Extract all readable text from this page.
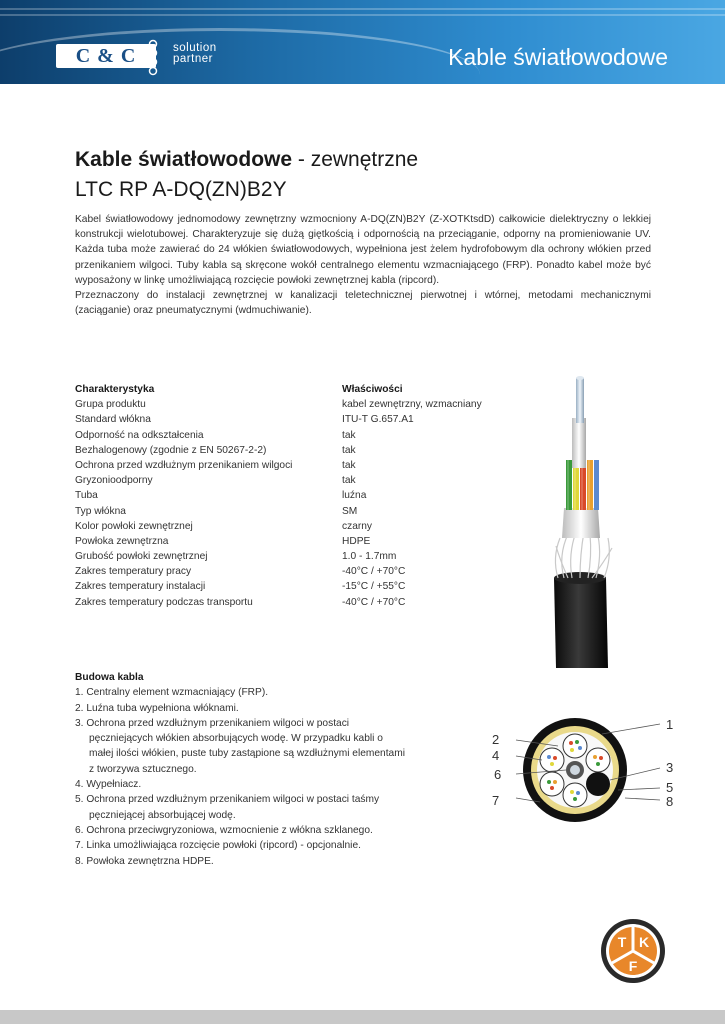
C & C	solution
partner	Kable światłowodowe
Kable światłowodowe - zewnętrzne
LTC RP A-DQ(ZN)B2Y

Kabel światłowodowy jednomodowy zewnętrzny wzmocniony A-DQ(ZN)B2Y (Z-XOTKtsdD) całkowicie dielektryczny o lekkiej konstrukcji wielotubowej. Charakteryzuje się dużą giętkością i odpornością na przeciąganie, odporny na promieniowanie UV. Każda tuba może zawierać do 24 włókien światłowodowych, wypełniona jest żelem hydrofobowym dla ochrony włókien przed przenikaniem wilgoci. Tuby kabla są skręcone wokół centralnego elementu wzmacniającego (FRP). Ponadto kabel może być wyposażony w linkę umożliwiającą rozcięcie powłoki zewnętrznej kabla (ripcord).

Przeznaczony do instalacji zewnętrznej w kanalizacji teletechnicznej pierwotnej i wtórnej, metodami mechanicznymi (zaciąganie) oraz pneumatycznymi (wdmuchiwanie).

Charakterystyka	Właściwości
Grupa produktu	kabel zewnętrzny, wzmacniany
Standard włókna	ITU-T G.657.A1
Odporność na odkształcenia	tak
Bezhalogenowy (zgodnie z EN 50267-2-2)	tak
Ochrona przed wzdłużnym przenikaniem wilgoci	tak
Gryzonioodporny	tak
Tuba	luźna
Typ włókna	SM
Kolor powłoki zewnętrznej	czarny
Powłoka zewnętrzna	HDPE
Grubość powłoki zewnętrznej	1.0 - 1.7mm
Zakres temperatury pracy	-40°C / +70°C
Zakres temperatury instalacji	-15°C / +55°C
Zakres temperatury podczas transportu	-40°C / +70°C
1
2
3
4
5
6
7	8
Budowa kabla
1. Centralny element wzmacniający (FRP).
2. Luźna tuba wypełniona włóknami.
3. Ochrona przed wzdłużnym przenikaniem wilgoci w postaci pęczniejących włókien absorbujących wodę. W przypadku kabli o małej ilości włókien, puste tuby zastąpione są wzdłużnymi elementami z tworzywa sztucznego.
4. Wypełniacz.
5. Ochrona przed wzdłużnym przenikaniem wilgoci w postaci taśmy pęczniejącej absorbującej wodę.
6. Ochrona przeciwgryzoniowa, wzmocnienie z włókna szklanego.
7. Linka umożliwiająca rozcięcie powłoki (ripcord) - opcjonalnie.
8. Powłoka zewnętrzna HDPE.
T K
F
